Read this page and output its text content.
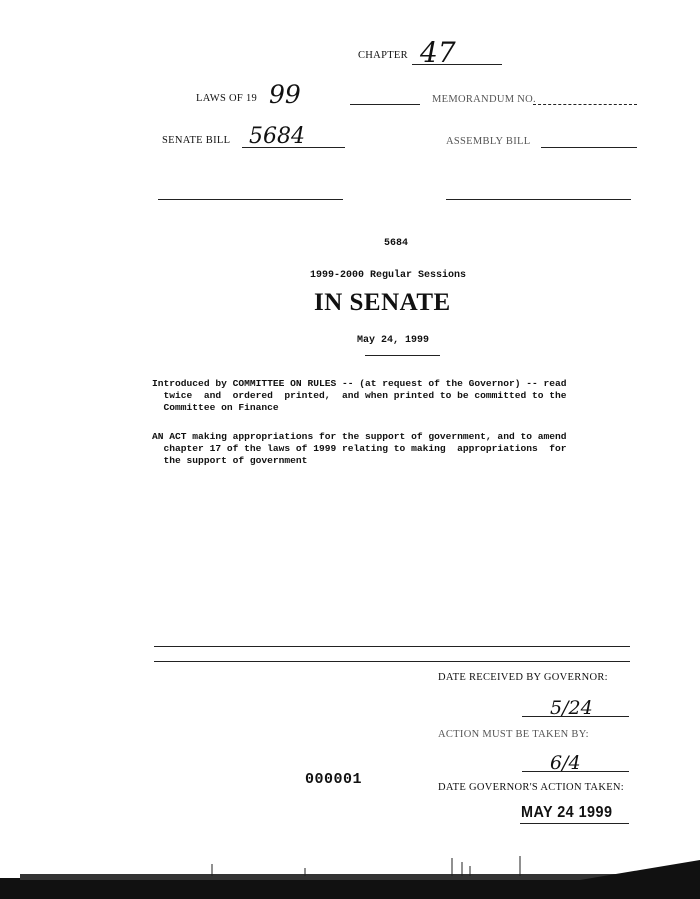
CHAPTER 47
LAWS OF 19 99	MEMORANDUM NO.
SENATE BILL 5684	ASSEMBLY BILL
5684
1999-2000 Regular Sessions
IN SENATE
May 24, 1999
Introduced by COMMITTEE ON RULES -- (at request of the Governor) -- read
twice  and  ordered  printed,  and when printed to be committed to the
Committee on Finance
AN ACT making appropriations for the support of government, and to amend
chapter 17 of the laws of 1999 relating to making  appropriations  for
the support of government
DATE RECEIVED BY GOVERNOR:
5/24
ACTION MUST BE TAKEN BY:
6/4
000001	DATE GOVERNOR'S ACTION TAKEN:
MAY 24 1999
